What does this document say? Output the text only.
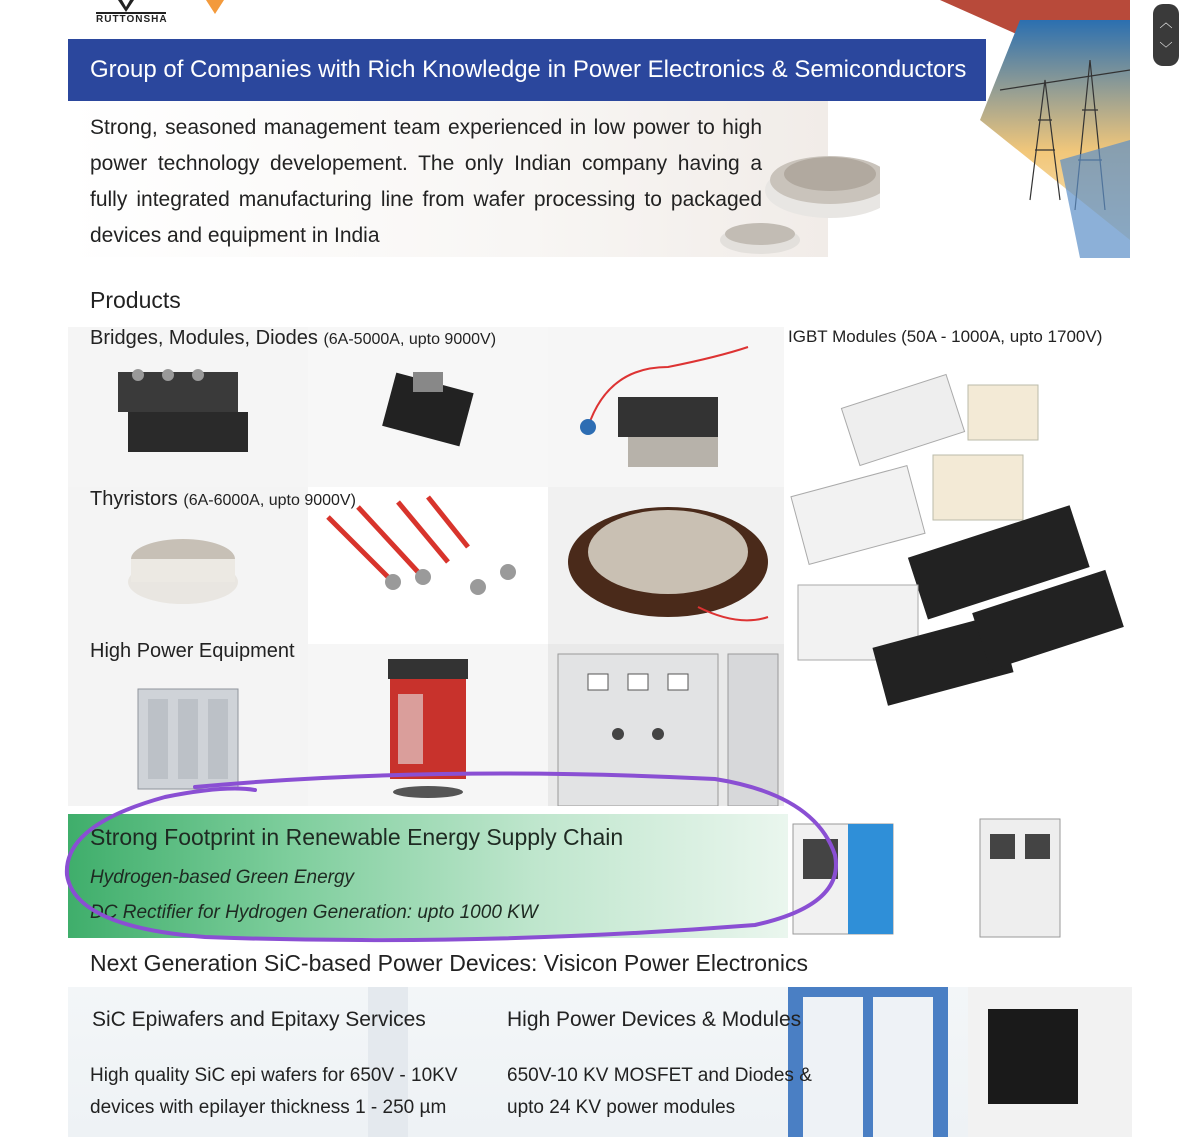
RUTTONSHA
Group of Companies with Rich Knowledge in Power Electronics & Semiconductors
Strong, seasoned management team experienced in low power to high power technology developement. The only Indian company having a fully integrated manufacturing line from wafer processing to packaged devices and equipment in India
Products
Bridges, Modules, Diodes (6A-5000A, upto 9000V)	IGBT Modules (50A - 1000A, upto 1700V)
Thyristors (6A-6000A, upto 9000V)
High Power Equipment
Strong Footprint in Renewable Energy Supply Chain
Hydrogen-based Green Energy
DC Rectifier for Hydrogen Generation: upto 1000 KW
Next Generation SiC-based Power Devices: Visicon Power Electronics
SiC Epiwafers and Epitaxy Services
High quality SiC epi wafers for 650V - 10KV
devices with epilayer thickness 1 - 250 µm
High Power Devices & Modules
650V-10 KV MOSFET and Diodes &
upto 24 KV power modules
︿
﹀
